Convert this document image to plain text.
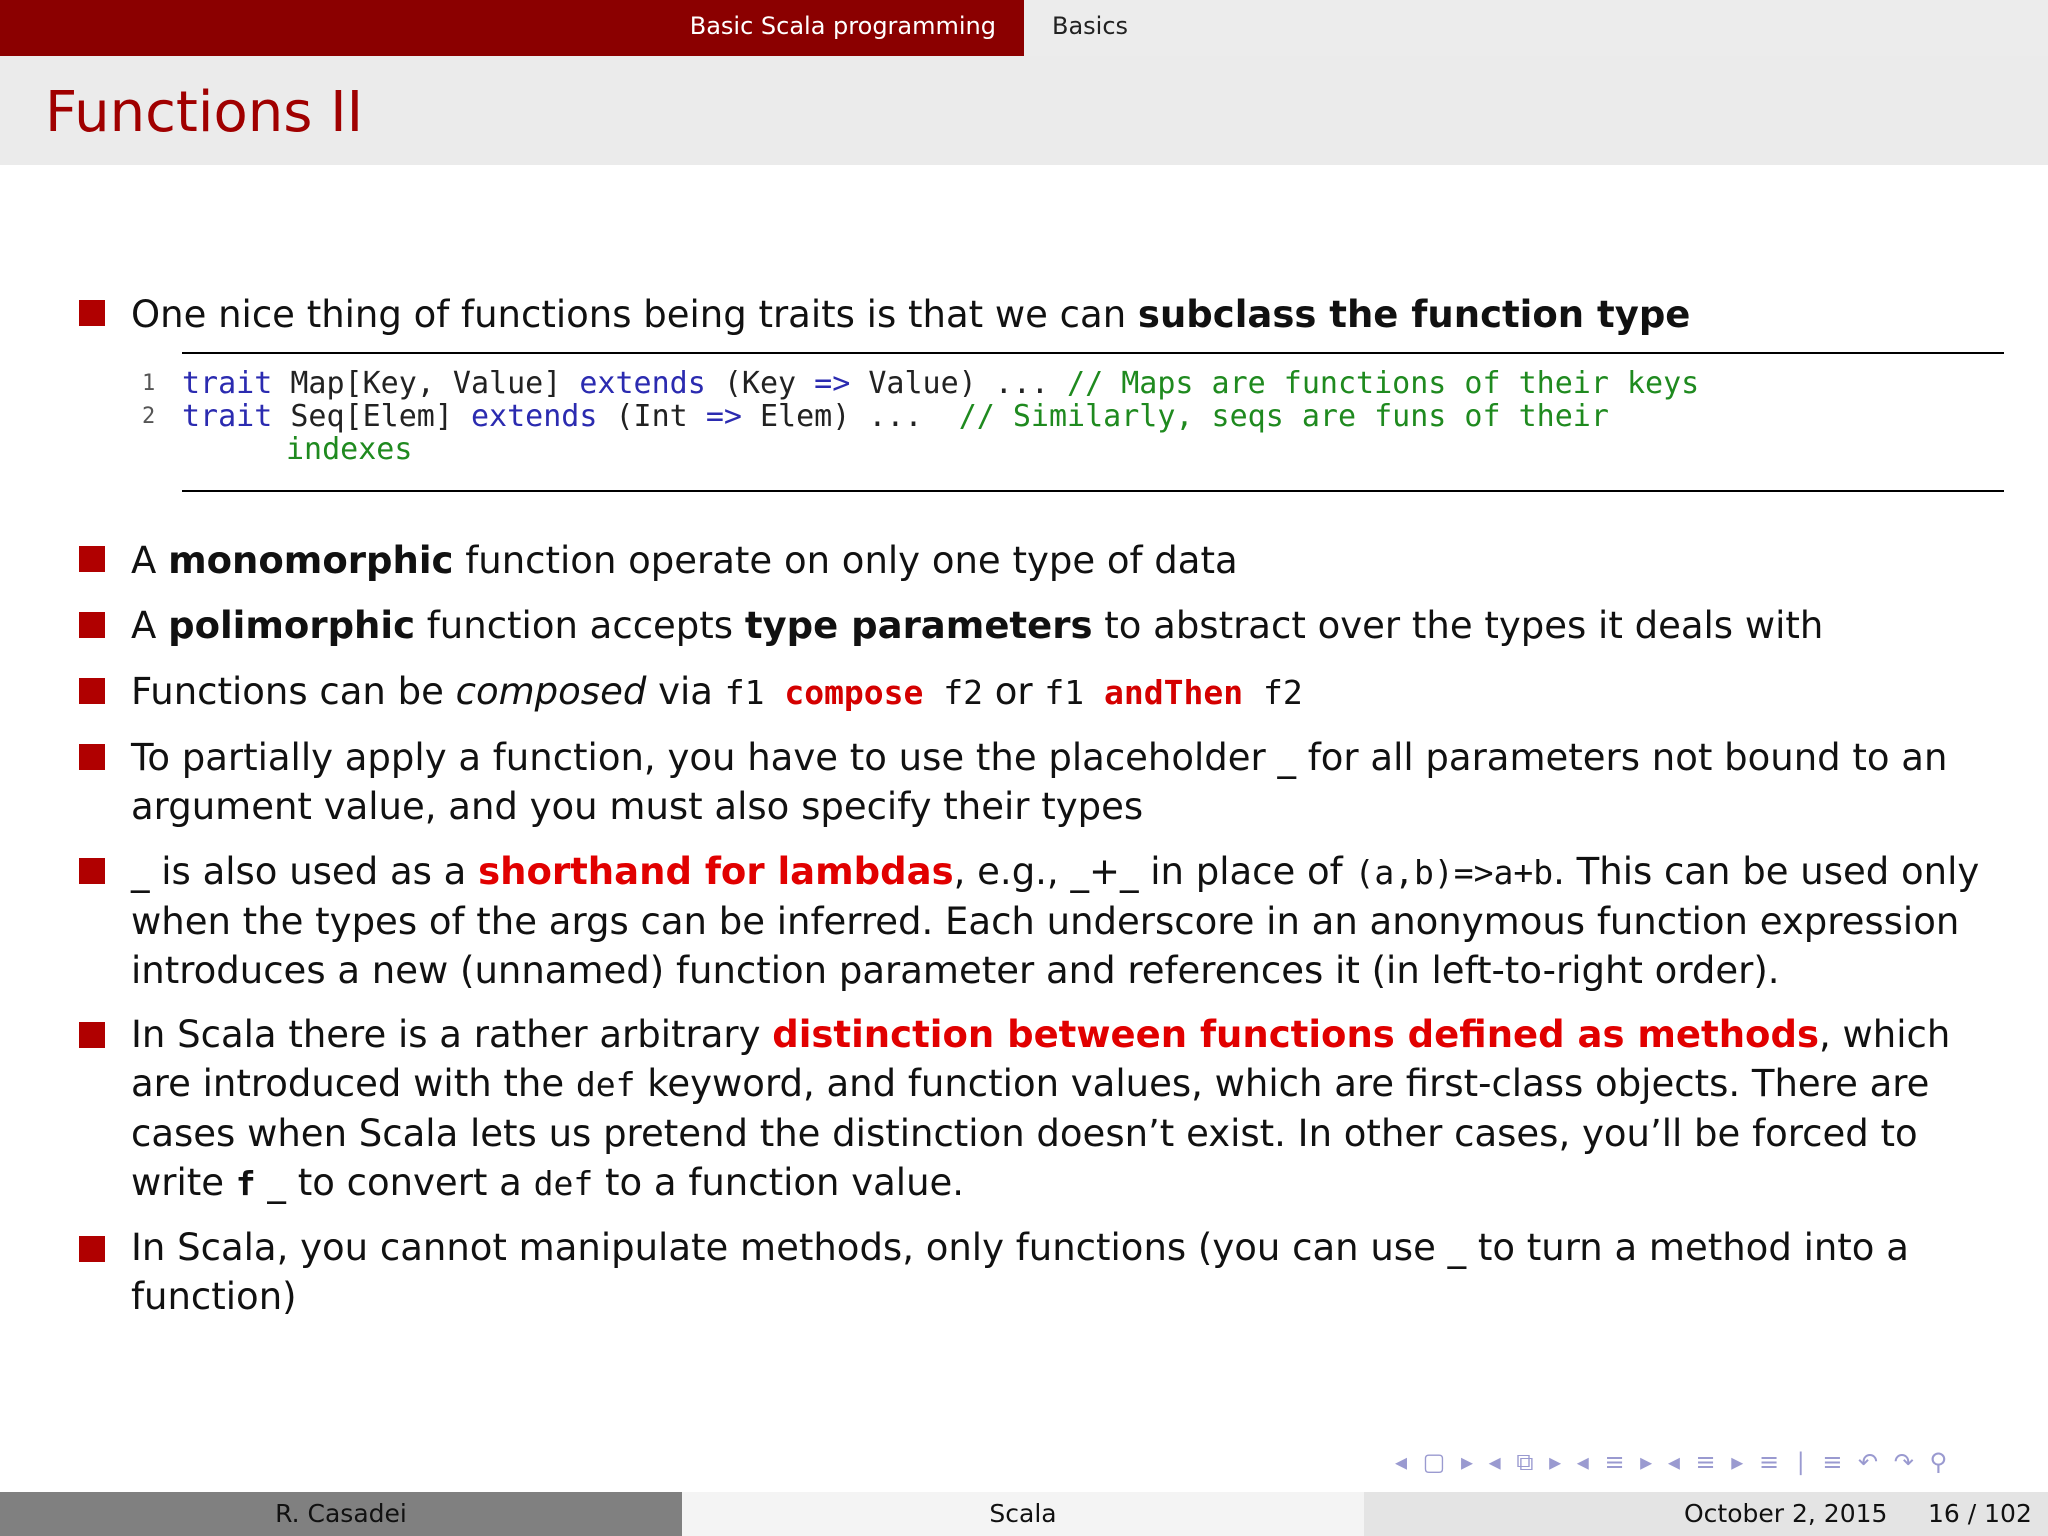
Basic Scala programming Basics
Functions II
One nice thing of functions being traits is that we can subclass the function type
1 trait Map[Key, Value] extends (Key => Value) ... // Maps are functions of their keys
2 trait Seq[Elem] extends (Int => Elem) ...  // Similarly, seqs are funs of their
indexes
A monomorphic function operate on only one type of data
A polimorphic function accepts type parameters to abstract over the types it deals with
Functions can be composed via f1 compose f2 or f1 andThen f2
To partially apply a function, you have to use the placeholder _ for all parameters not bound to an argument value, and you must also specify their types
_ is also used as a shorthand for lambdas, e.g., _+_ in place of (a,b)=>a+b. This can be used only when the types of the args can be inferred. Each underscore in an anonymous function expression introduces a new (unnamed) function parameter and references it (in left-to-right order).
In Scala there is a rather arbitrary distinction between functions defined as methods, which are introduced with the def keyword, and function values, which are first-class objects. There are cases when Scala lets us pretend the distinction doesn’t exist. In other cases, you’ll be forced to write f _ to convert a def to a function value.
In Scala, you cannot manipulate methods, only functions (you can use _ to turn a method into a function)
◂ ▢ ▸ ◂ ⧉ ▸ ◂ ≡ ▸ ◂ ≡ ▸ ≡ ∣ ≡ ↶ ↷ ⚲
R. Casadei	Scala	October 2, 2015 16 / 102
